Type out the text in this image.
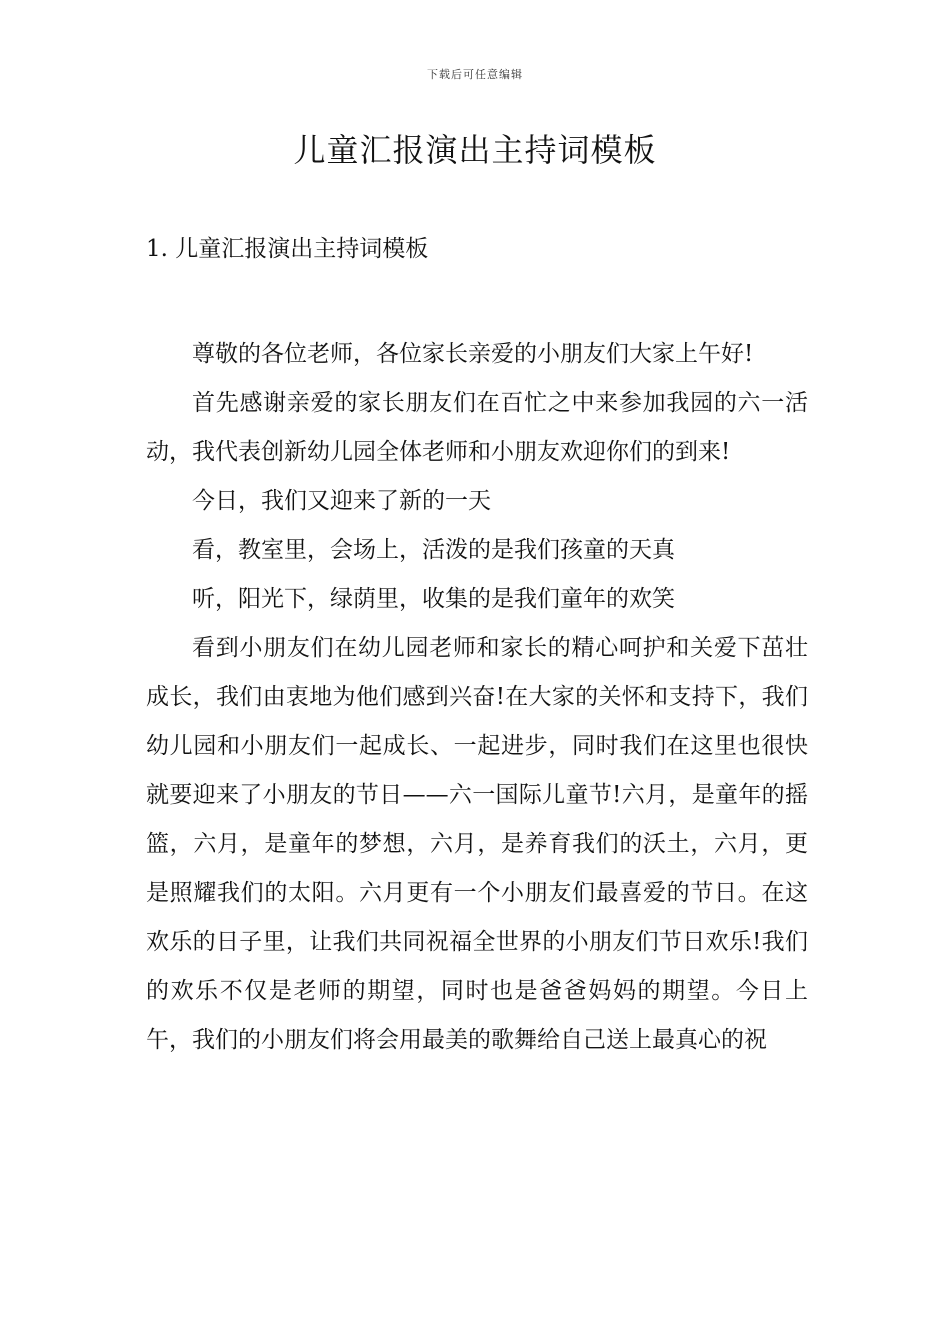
下载后可任意编辑
儿童汇报演出主持词模板

1. 儿童汇报演出主持词模板

尊敬的各位老师，各位家长亲爱的小朋友们大家上午好!

首先感谢亲爱的家长朋友们在百忙之中来参加我园的六一活动，我代表创新幼儿园全体老师和小朋友欢迎你们的到来!

今日，我们又迎来了新的一天

看，教室里，会场上，活泼的是我们孩童的天真

听，阳光下，绿荫里，收集的是我们童年的欢笑

看到小朋友们在幼儿园老师和家长的精心呵护和关爱下茁壮成长，我们由衷地为他们感到兴奋!在大家的关怀和支持下，我们幼儿园和小朋友们一起成长、一起进步，同时我们在这里也很快就要迎来了小朋友的节日——六一国际儿童节!六月，是童年的摇篮，六月，是童年的梦想，六月，是养育我们的沃土，六月，更是照耀我们的太阳。六月更有一个小朋友们最喜爱的节日。在这欢乐的日子里，让我们共同祝福全世界的小朋友们节日欢乐!我们的欢乐不仅是老师的期望，同时也是爸爸妈妈的期望。今日上午，我们的小朋友们将会用最美的歌舞给自己送上最真心的祝
